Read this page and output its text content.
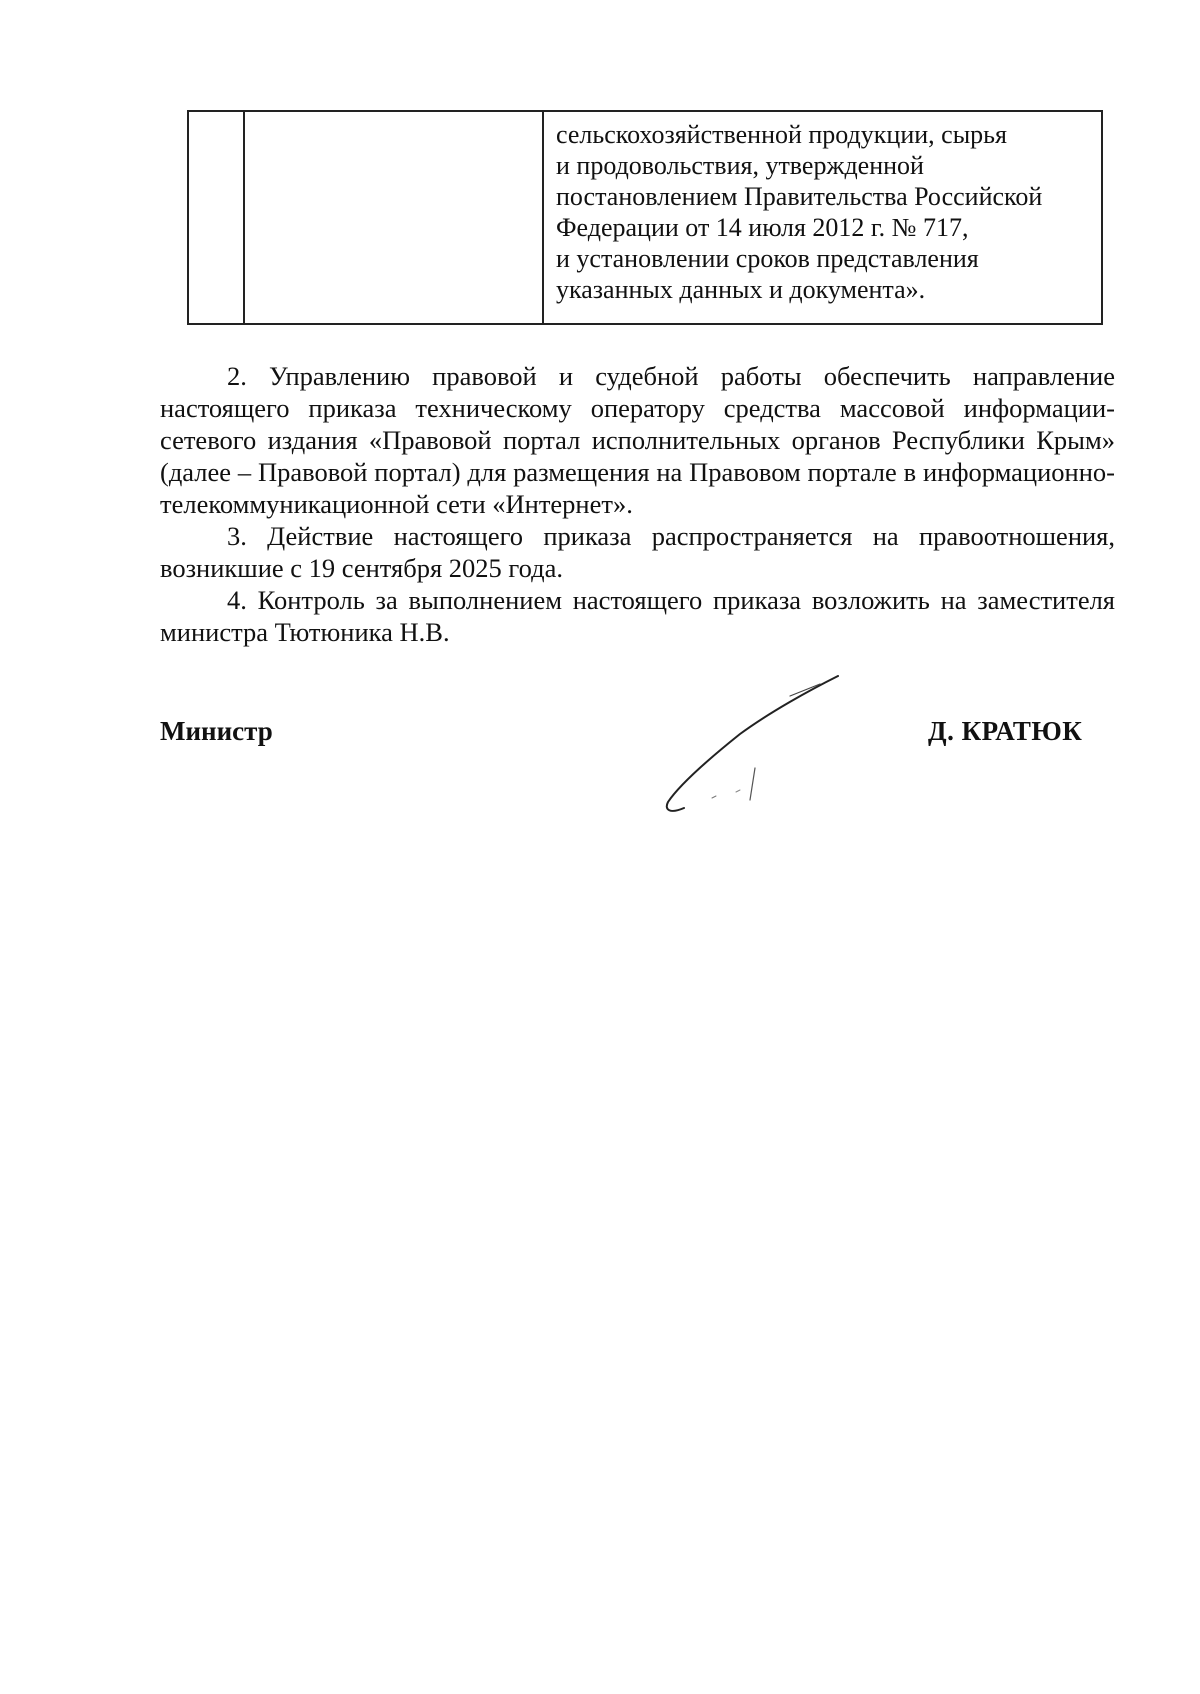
сельскохозяйственной продукции, сырья
и продовольствия, утвержденной
постановлением Правительства Российской
Федерации от 14 июля 2012 г. № 717,
и установлении сроков представления
указанных данных и документа».

2. Управлению правовой и судебной работы обеспечить направление настоящего приказа техническому оператору средства массовой информации-сетевого издания «Правовой портал исполнительных органов Республики Крым» (далее – Правовой портал) для размещения на Правовом портале в информационно-телекоммуникационной сети «Интернет».

3. Действие настоящего приказа распространяется на правоотношения, возникшие с 19 сентября 2025 года.

4. Контроль за выполнением настоящего приказа возложить на заместителя министра Тютюника Н.В.

Министр	Д. КРАТЮК
